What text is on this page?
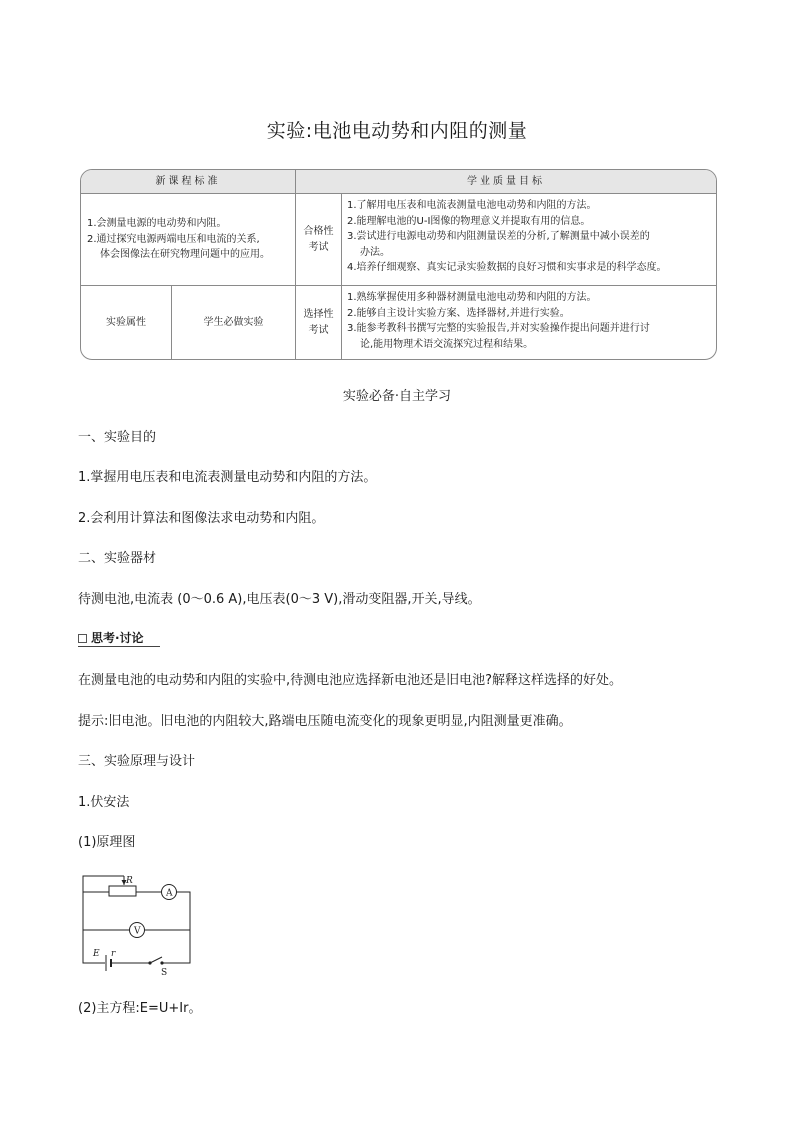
实验:电池电动势和内阻的测量
新课程标准	学业质量目标
1.会测量电源的电动势和内阻。
2.通过探究电源两端电压和电流的关系,
体会图像法在研究物理问题中的应用。
实验属性	学生必做实验
合格性
考试
1.了解用电压表和电流表测量电池电动势和内阻的方法。
2.能理解电池的U-I图像的物理意义并提取有用的信息。
3.尝试进行电源电动势和内阻测量误差的分析,了解测量中减小误差的
办法。
4.培养仔细观察、真实记录实验数据的良好习惯和实事求是的科学态度。
选择性
考试
1.熟练掌握使用多种器材测量电池电动势和内阻的方法。
2.能够自主设计实验方案、选择器材,并进行实验。
3.能参考教科书撰写完整的实验报告,并对实验操作提出问题并进行讨
论,能用物理术语交流探究过程和结果。
实验必备·自主学习
一、实验目的
1.掌握用电压表和电流表测量电动势和内阻的方法。
2.会利用计算法和图像法求电动势和内阻。
二、实验器材
待测电池,电流表 (0～0.6 A),电压表(0～3 V),滑动变阻器,开关,导线。
思考·讨论
在测量电池的电动势和内阻的实验中,待测电池应选择新电池还是旧电池?解释这样选择的好处。
提示:旧电池。旧电池的内阻较大,路端电压随电流变化的现象更明显,内阻测量更准确。
三、实验原理与设计
1.伏安法
(1)原理图
R
A
V
E r
S
(2)主方程:E=U+Ir。
